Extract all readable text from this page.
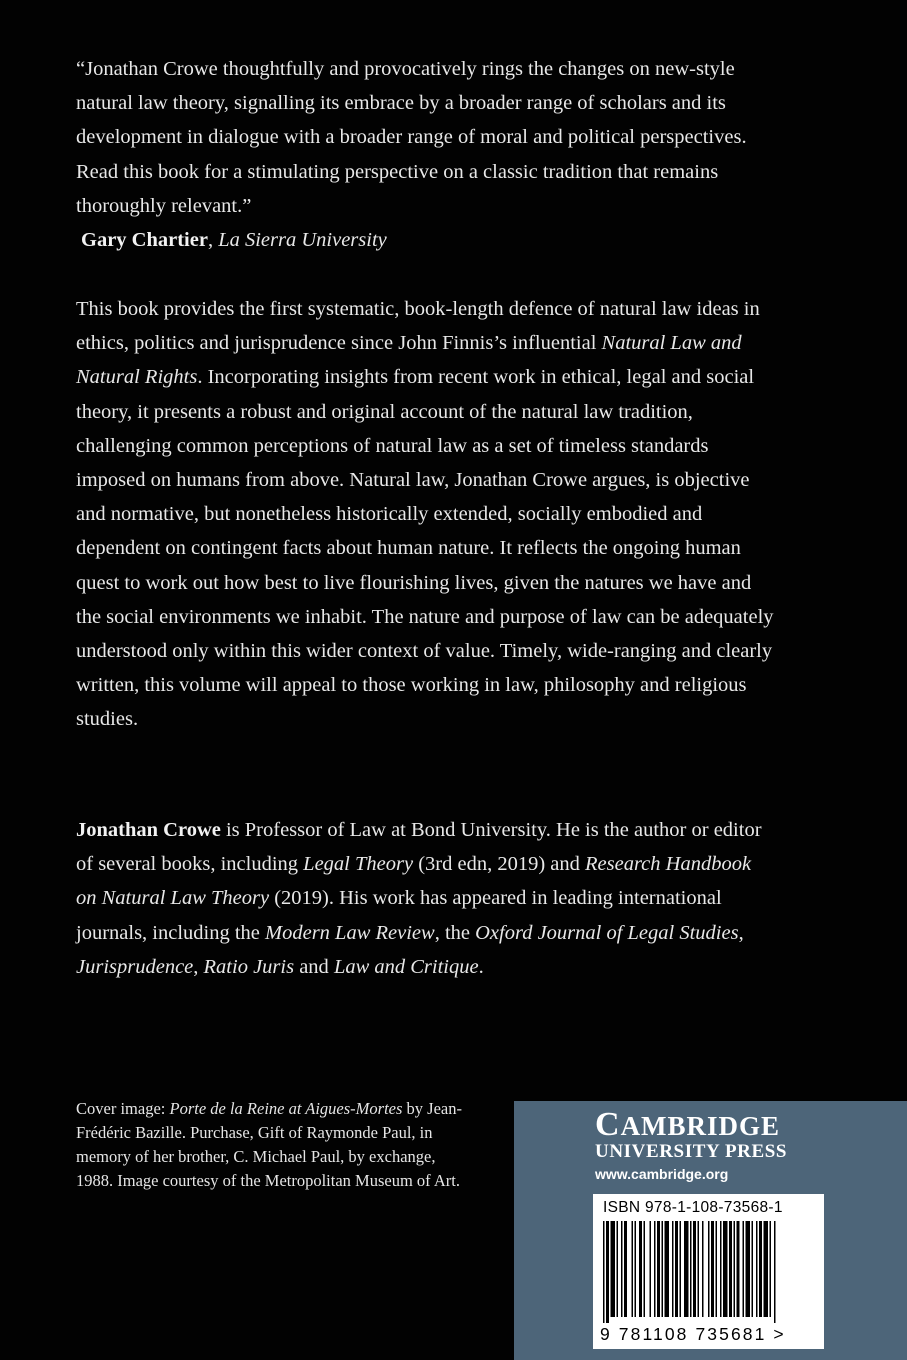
“Jonathan Crowe thoughtfully and provocatively rings the changes on new-style natural law theory, signalling its embrace by a broader range of scholars and its development in dialogue with a broader range of moral and political perspectives. Read this book for a stimulating perspective on a classic tradition that remains thoroughly relevant.”
Gary Chartier, La Sierra University
This book provides the first systematic, book-length defence of natural law ideas in ethics, politics and jurisprudence since John Finnis’s influential Natural Law and Natural Rights. Incorporating insights from recent work in ethical, legal and social theory, it presents a robust and original account of the natural law tradition, challenging common perceptions of natural law as a set of timeless standards imposed on humans from above. Natural law, Jonathan Crowe argues, is objective and normative, but nonetheless historically extended, socially embodied and dependent on contingent facts about human nature. It reflects the ongoing human quest to work out how best to live flourishing lives, given the natures we have and the social environments we inhabit. The nature and purpose of law can be adequately understood only within this wider context of value. Timely, wide-ranging and clearly written, this volume will appeal to those working in law, philosophy and religious studies.
Jonathan Crowe is Professor of Law at Bond University. He is the author or editor of several books, including Legal Theory (3rd edn, 2019) and Research Handbook on Natural Law Theory (2019). His work has appeared in leading international journals, including the Modern Law Review, the Oxford Journal of Legal Studies, Jurisprudence, Ratio Juris and Law and Critique.
Cover image: Porte de la Reine at Aigues-Mortes by Jean-Frédéric Bazille. Purchase, Gift of Raymonde Paul, in memory of her brother, C. Michael Paul, by exchange, 1988. Image courtesy of the Metropolitan Museum of Art.
CAMBRIDGE
UNIVERSITY PRESS
www.cambridge.org
ISBN 978-1-108-73568-1
9 781108 735681 >
